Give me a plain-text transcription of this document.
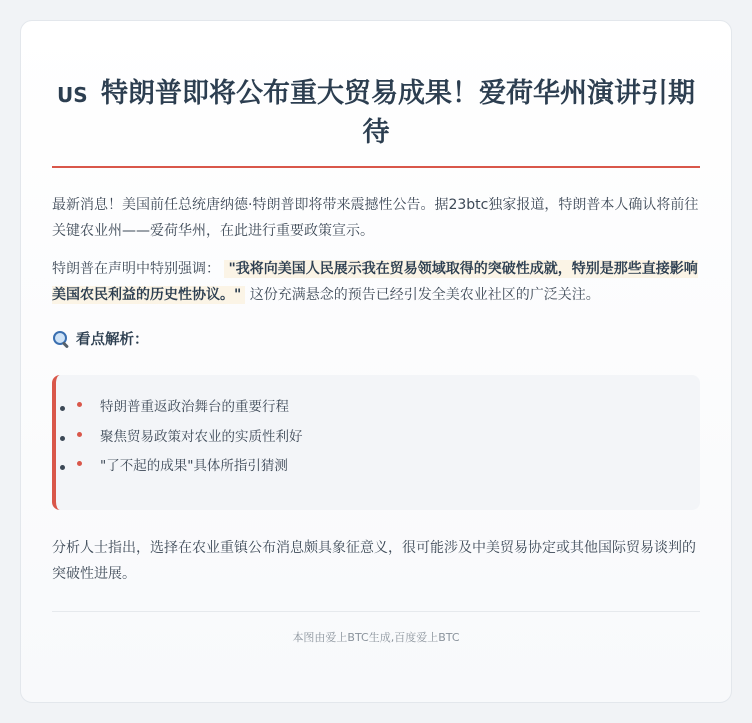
US 特朗普即将公布重大贸易成果！爱荷华州演讲引期待

最新消息！美国前任总统唐纳德·特朗普即将带来震撼性公告。据23btc独家报道，特朗普本人确认将前往关键农业州——爱荷华州，在此进行重要政策宣示。

特朗普在声明中特别强调： "我将向美国人民展示我在贸易领域取得的突破性成就，特别是那些直接影响美国农民利益的历史性协议。" 这份充满悬念的预告已经引发全美农业社区的广泛关注。

看点解析：
特朗普重返政治舞台的重要行程
聚焦贸易政策对农业的实质性利好
"了不起的成果"具体所指引猜测

分析人士指出，选择在农业重镇公布消息颇具象征意义，很可能涉及中美贸易协定或其他国际贸易谈判的突破性进展。

本图由爱上BTC生成,百度爱上BTC
